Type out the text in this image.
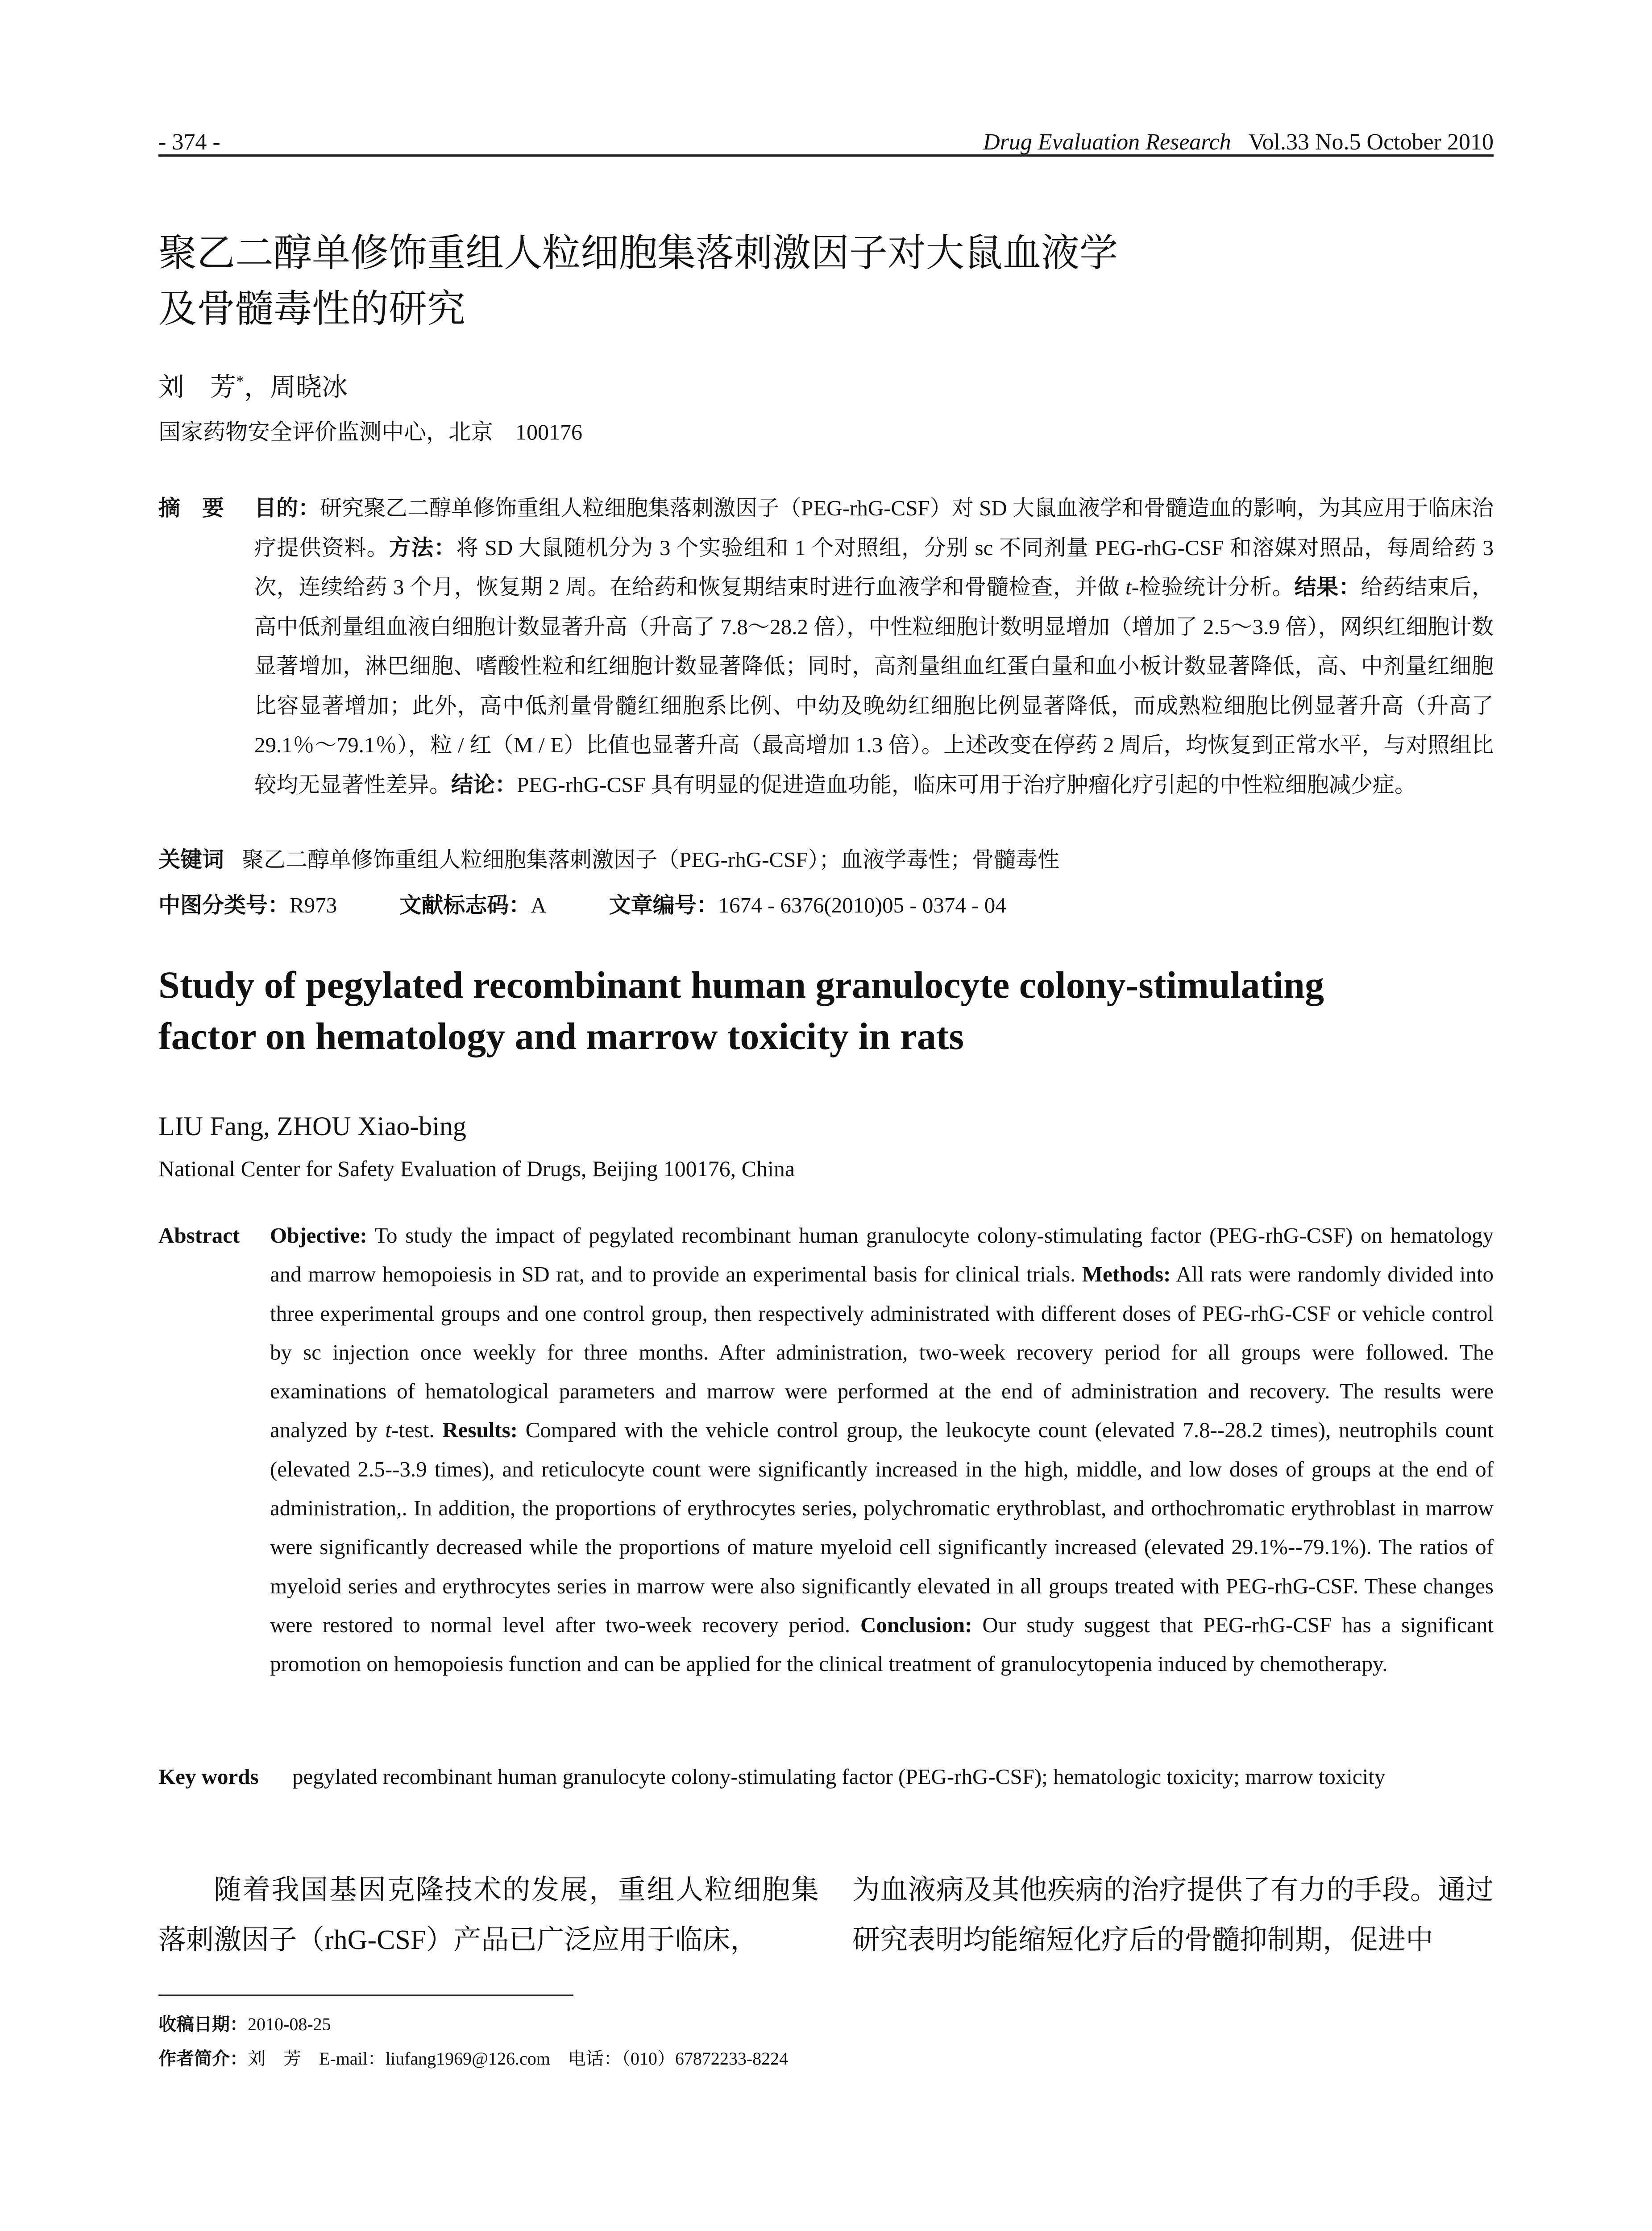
- 374 -	Drug Evaluation Research Vol.33 No.5 October 2010
聚乙二醇单修饰重组人粒细胞集落刺激因子对大鼠血液学
及骨髓毒性的研究
刘　芳*，周晓冰
国家药物安全评价监测中心，北京　100176
摘　要 目的：研究聚乙二醇单修饰重组人粒细胞集落刺激因子（PEG-rhG-CSF）对 SD 大鼠血液学和骨髓造血的影响，为其应用于临床治疗提供资料。方法：将 SD 大鼠随机分为 3 个实验组和 1 个对照组，分别 sc 不同剂量 PEG-rhG-CSF 和溶媒对照品，每周给药 3 次，连续给药 3 个月，恢复期 2 周。在给药和恢复期结束时进行血液学和骨髓检查，并做 t-检验统计分析。结果：给药结束后，高中低剂量组血液白细胞计数显著升高（升高了 7.8～28.2 倍），中性粒细胞计数明显增加（增加了 2.5～3.9 倍），网织红细胞计数显著增加，淋巴细胞、嗜酸性粒和红细胞计数显著降低；同时，高剂量组血红蛋白量和血小板计数显著降低，高、中剂量红细胞比容显著增加；此外，高中低剂量骨髓红细胞系比例、中幼及晚幼红细胞比例显著降低，而成熟粒细胞比例显著升高（升高了 29.1％～79.1％），粒 / 红（M / E）比值也显著升高（最高增加 1.3 倍）。上述改变在停药 2 周后，均恢复到正常水平，与对照组比较均无显著性差异。结论：PEG-rhG-CSF 具有明显的促进造血功能，临床可用于治疗肿瘤化疗引起的中性粒细胞减少症。
关键词 聚乙二醇单修饰重组人粒细胞集落刺激因子（PEG-rhG-CSF）；血液学毒性；骨髓毒性
中图分类号：R973	文献标志码：A	文章编号：1674 - 6376(2010)05 - 0374 - 04
Study of pegylated recombinant human granulocyte colony-stimulating
factor on hematology and marrow toxicity in rats
LIU Fang, ZHOU Xiao-bing
National Center for Safety Evaluation of Drugs, Beijing 100176, China
Abstract Objective: To study the impact of pegylated recombinant human granulocyte colony-stimulating factor (PEG-rhG-CSF) on hematology and marrow hemopoiesis in SD rat, and to provide an experimental basis for clinical trials. Methods: All rats were randomly divided into three experimental groups and one control group, then respectively administrated with different doses of PEG-rhG-CSF or vehicle control by sc injection once weekly for three months. After administration, two-week recovery period for all groups were followed. The examinations of hematological parameters and marrow were performed at the end of administration and recovery. The results were analyzed by t-test. Results: Compared with the vehicle control group, the leukocyte count (elevated 7.8--28.2 times), neutrophils count (elevated 2.5--3.9 times), and reticulocyte count were significantly increased in the high, middle, and low doses of groups at the end of administration,. In addition, the proportions of erythrocytes series, polychromatic erythroblast, and orthochromatic erythroblast in marrow were significantly decreased while the proportions of mature myeloid cell significantly increased (elevated 29.1%--79.1%). The ratios of myeloid series and erythrocytes series in marrow were also significantly elevated in all groups treated with PEG-rhG-CSF. These changes were restored to normal level after two-week recovery period. Conclusion: Our study suggest that PEG-rhG-CSF has a significant promotion on hemopoiesis function and can be applied for the clinical treatment of granulocytopenia induced by chemotherapy.
Key words pegylated recombinant human granulocyte colony-stimulating factor (PEG-rhG-CSF); hematologic toxicity; marrow toxicity

随着我国基因克隆技术的发展，重组人粒细胞集落刺激因子（rhG-CSF）产品已广泛应用于临床，

为血液病及其他疾病的治疗提供了有力的手段。通过研究表明均能缩短化疗后的骨髓抑制期，促进中

收稿日期：2010-08-25
作者简介：刘　芳　E-mail：liufang1969@126.com　电话：（010）67872233-8224
